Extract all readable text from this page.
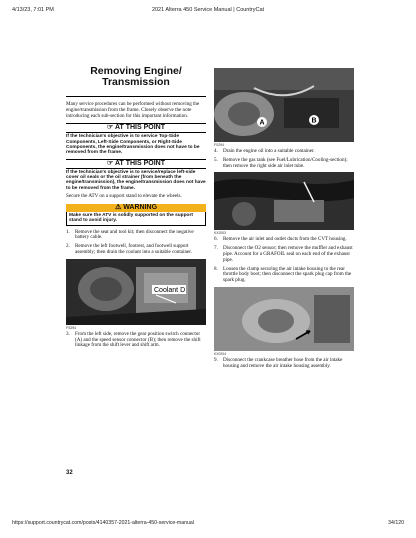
4/13/23, 7:01 PM	2021 Alterra 450 Service Manual | CountryCat
Removing Engine/
Transmission

Many service procedures can be performed without removing the engine/transmission from the frame. Closely observe the note introducing each sub-section for this important information.

☞ AT THIS POINT
If the technician's objective is to service Top-Side Components, Left-Side Components, or Right-Side Components, the engine/transmission does not have to be removed from the frame.
☞ AT THIS POINT
If the technician's objective is to service/replace left-side cover oil seals or the oil strainer (from beneath the engine/transmission), the engine/transmission does not have to be removed from the frame.

Secure the ATV on a support stand to elevate the wheels.

⚠ WARNING
Make sure the ATV is solidly supported on the support stand to avoid injury.
1. Remove the seat and tool kit; then disconnect the negative battery cable.
2. Remove the left footwell, footrest, and footwell support assembly; then drain the coolant into a suitable container.
Coolant D
FS294
3. From the left side, remove the gear position switch connector (A) and the speed sensor connector (B); then remove the shift linkage from the shift lever and shift arm.
A	B
FS294
4. Drain the engine oil into a suitable container.
5. Remove the gas tank (see Fuel/Lubrication/Cooling-section); then remove the right side air inlet tube.
KX2003
6. Remove the air inlet and outlet ducts from the CVT housing.
7. Disconnect the O2 sensor; then remove the muffler and exhaust pipe. Account for a GRAFOIL seal on each end of the exhaust pipe.
8. Loosen the clamp securing the air intake housing to the rear throttle body boot; then disconnect the spark plug cap from the spark plug.
KX0204
9. Disconnect the crankcase breather hose from the air intake housing and remove the air intake housing assembly.
32
https://support.countrycat.com/posts/4140357-2021-alterra-450-service-manual	34/120
